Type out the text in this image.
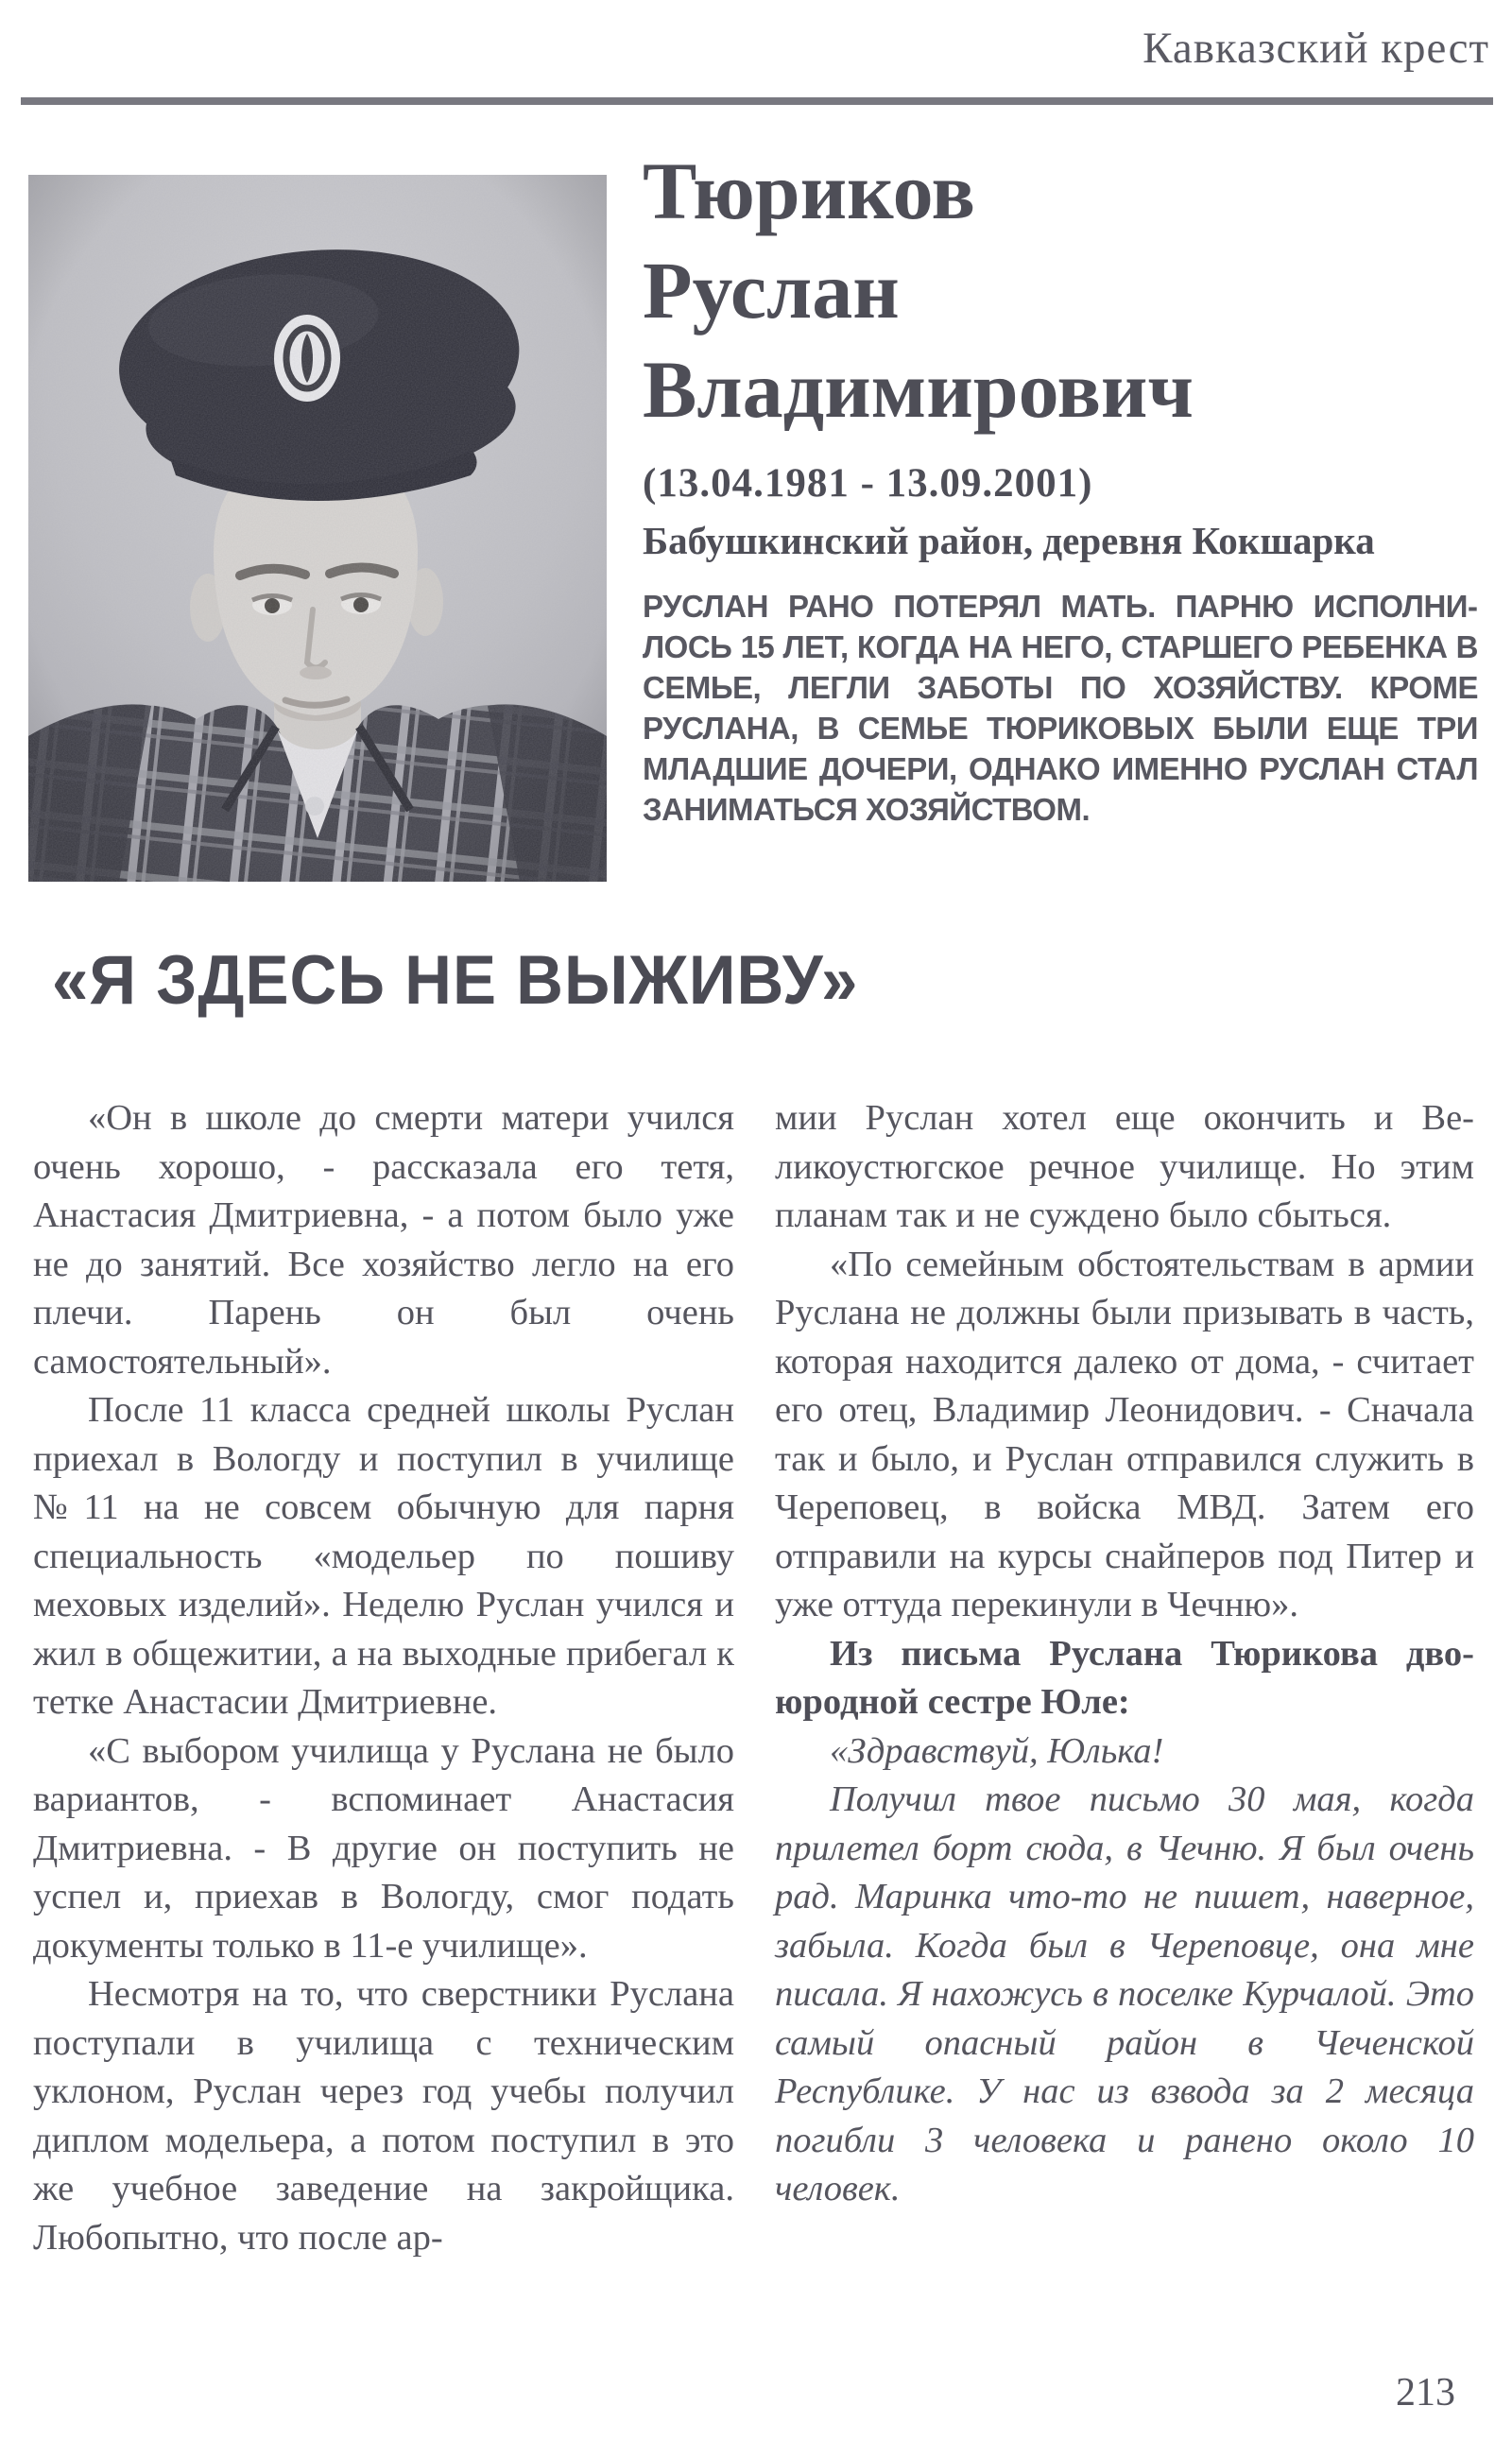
Кавказский крест
Тюриков
Руслан
Владимирович
(13.04.1981 - 13.09.2001)
Бабушкинский район, деревня Кокшарка
РУСЛАН РАНО ПОТЕРЯЛ МАТЬ. ПАРНЮ ИСПОЛНИЛОСЬ 15 ЛЕТ, КОГДА НА НЕГО, СТАРШЕГО РЕБЕНКА В СЕМЬЕ, ЛЕГЛИ ЗАБОТЫ ПО ХОЗЯЙСТВУ. КРОМЕ РУСЛАНА, В СЕМЬЕ ТЮРИКОВЫХ БЫЛИ ЕЩЕ ТРИ МЛАДШИЕ ДОЧЕРИ, ОДНАКО ИМЕННО РУСЛАН СТАЛ ЗАНИМАТЬСЯ ХОЗЯЙСТВОМ.
«Я ЗДЕСЬ НЕ ВЫЖИВУ»

«Он в школе до смерти матери учился очень хорошо, - рассказала его тетя, Анастасия Дмитриевна, - а потом было уже не до занятий. Все хозяйство легло на его плечи. Парень он был очень самостоятельный».

После 11 класса средней школы Руслан приехал в Вологду и поступил в училище №11 на не совсем обычную для парня специальность «модельер по пошиву меховых изделий». Неделю Руслан учился и жил в общежитии, а на выходные прибегал к тетке Анастасии Дмитриевне.

«С выбором училища у Руслана не было вариантов, - вспоминает Анастасия Дмитриевна. - В другие он поступить не успел и, приехав в Вологду, смог подать документы только в 11-е училище».

Несмотря на то, что сверстники Руслана поступали в училища с техническим уклоном, Руслан через год учебы получил диплом модельера, а потом поступил в это же учебное заведение на закройщика. Любопытно, что после ар-

мии Руслан хотел еще окончить и Великоустюгское речное училище. Но этим планам так и не суждено было сбыться.

«По семейным обстоятельствам в армии Руслана не должны были призывать в часть, которая находится далеко от дома, - считает его отец, Владимир Леонидович. - Сначала так и было, и Руслан отправился служить в Череповец, в войска МВД. Затем его отправили на курсы снайперов под Питер и уже оттуда перекинули в Чечню».

Из письма Руслана Тюрикова двоюродной сестре Юле:

«Здравствуй, Юлька!

Получил твое письмо 30 мая, когда прилетел борт сюда, в Чечню. Я был очень рад. Маринка что-то не пишет, наверное, забыла. Когда был в Череповце, она мне писала. Я нахожусь в поселке Курчалой. Это самый опасный район в Чеченской Республике. У нас из взвода за 2 месяца погибли 3 человека и ранено около 10 человек.

213
